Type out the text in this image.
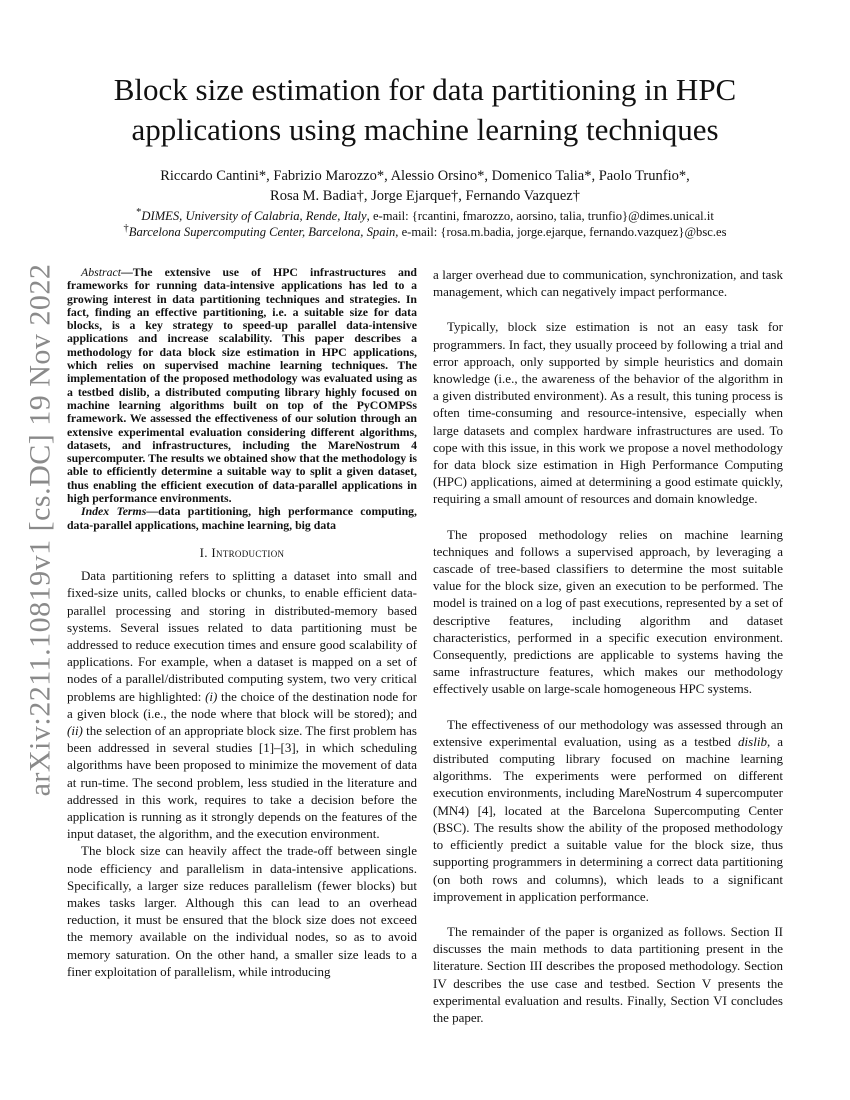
arXiv:2211.10819v1 [cs.DC] 19 Nov 2022
Block size estimation for data partitioning in HPC
applications using machine learning techniques
Riccardo Cantini*, Fabrizio Marozzo*, Alessio Orsino*, Domenico Talia*, Paolo Trunfio*,
Rosa M. Badia†, Jorge Ejarque†, Fernando Vazquez†
*DIMES, University of Calabria, Rende, Italy, e-mail: {rcantini, fmarozzo, aorsino, talia, trunfio}@dimes.unical.it
†Barcelona Supercomputing Center, Barcelona, Spain, e-mail: {rosa.m.badia, jorge.ejarque, fernando.vazquez}@bsc.es

Abstract—The extensive use of HPC infrastructures and frameworks for running data-intensive applications has led to a growing interest in data partitioning techniques and strategies. In fact, finding an effective partitioning, i.e. a suitable size for data blocks, is a key strategy to speed-up parallel data-intensive applications and increase scalability. This paper describes a methodology for data block size estimation in HPC applications, which relies on supervised machine learning techniques. The implementation of the proposed methodology was evaluated using as a testbed dislib, a distributed computing library highly focused on machine learning algorithms built on top of the PyCOMPSs framework. We assessed the effectiveness of our solution through an extensive experimental evaluation considering different algorithms, datasets, and infrastructures, including the MareNostrum 4 supercomputer. The results we obtained show that the methodology is able to efficiently determine a suitable way to split a given dataset, thus enabling the efficient execution of data-parallel applications in high performance environments.

Index Terms—data partitioning, high performance computing, data-parallel applications, machine learning, big data

I. Introduction

Data partitioning refers to splitting a dataset into small and fixed-size units, called blocks or chunks, to enable efficient data-parallel processing and storing in distributed-memory based systems. Several issues related to data partitioning must be addressed to reduce execution times and ensure good scalability of applications. For example, when a dataset is mapped on a set of nodes of a parallel/distributed computing system, two very critical problems are highlighted: (i) the choice of the destination node for a given block (i.e., the node where that block will be stored); and (ii) the selection of an appropriate block size. The first problem has been addressed in several studies [1]–[3], in which scheduling algorithms have been proposed to minimize the movement of data at run-time. The second problem, less studied in the literature and addressed in this work, requires to take a decision before the application is running as it strongly depends on the features of the input dataset, the algorithm, and the execution environment.

The block size can heavily affect the trade-off between single node efficiency and parallelism in data-intensive applications. Specifically, a larger size reduces parallelism (fewer blocks) but makes tasks larger. Although this can lead to an overhead reduction, it must be ensured that the block size does not exceed the memory available on the individual nodes, so as to avoid memory saturation. On the other hand, a smaller size leads to a finer exploitation of parallelism, while introducing

a larger overhead due to communication, synchronization, and task management, which can negatively impact performance.

Typically, block size estimation is not an easy task for programmers. In fact, they usually proceed by following a trial and error approach, only supported by simple heuristics and domain knowledge (i.e., the awareness of the behavior of the algorithm in a given distributed environment). As a result, this tuning process is often time-consuming and resource-intensive, especially when large datasets and complex hardware infrastructures are used. To cope with this issue, in this work we propose a novel methodology for data block size estimation in High Performance Computing (HPC) applications, aimed at determining a good estimate quickly, requiring a small amount of resources and domain knowledge.

The proposed methodology relies on machine learning techniques and follows a supervised approach, by leveraging a cascade of tree-based classifiers to determine the most suitable value for the block size, given an execution to be performed. The model is trained on a log of past executions, represented by a set of descriptive features, including algorithm and dataset characteristics, performed in a specific execution environment. Consequently, predictions are applicable to systems having the same infrastructure features, which makes our methodology effectively usable on large-scale homogeneous HPC systems.

The effectiveness of our methodology was assessed through an extensive experimental evaluation, using as a testbed dislib, a distributed computing library focused on machine learning algorithms. The experiments were performed on different execution environments, including MareNostrum 4 supercomputer (MN4) [4], located at the Barcelona Supercomputing Center (BSC). The results show the ability of the proposed methodology to efficiently predict a suitable value for the block size, thus supporting programmers in determining a correct data partitioning (on both rows and columns), which leads to a significant improvement in application performance.

The remainder of the paper is organized as follows. Section II discusses the main methods to data partitioning present in the literature. Section III describes the proposed methodology. Section IV describes the use case and testbed. Section V presents the experimental evaluation and results. Finally, Section VI concludes the paper.
